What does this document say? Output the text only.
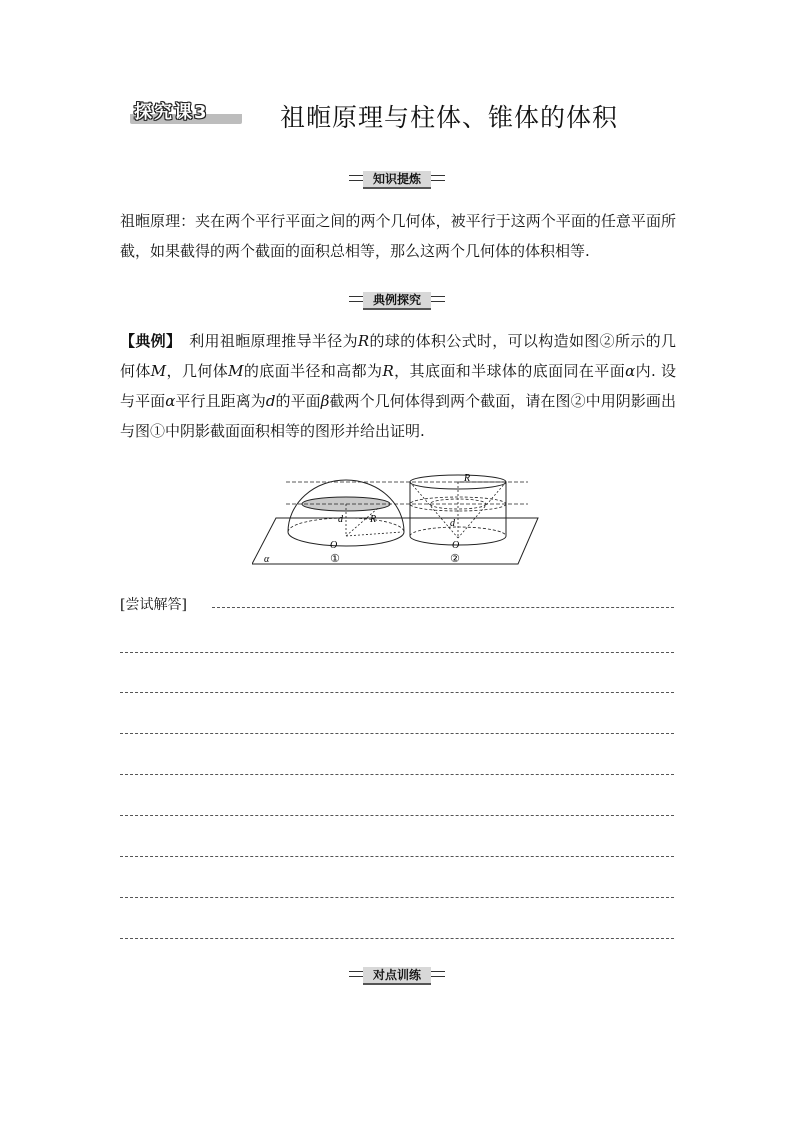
探究课3	祖暅原理与柱体、锥体的体积
知识提炼
祖暅原理：夹在两个平行平面之间的两个几何体，被平行于这两个平面的任意平面所截，如果截得的两个截面的面积总相等，那么这两个几何体的体积相等.
典例探究
【典例】　 利用祖暅原理推导半径为R的球的体积公式时，可以构造如图②所示的几何体M，几何体M的底面半径和高都为R，其底面和半球体的底面同在平面α内. 设与平面α平行且距离为d的平面β截两个几何体得到两个截面，请在图②中用阴影画出与图①中阴影截面面积相等的图形并给出证明.
R
R
d	d
O	O
α	①	②
[尝试解答]
对点训练
